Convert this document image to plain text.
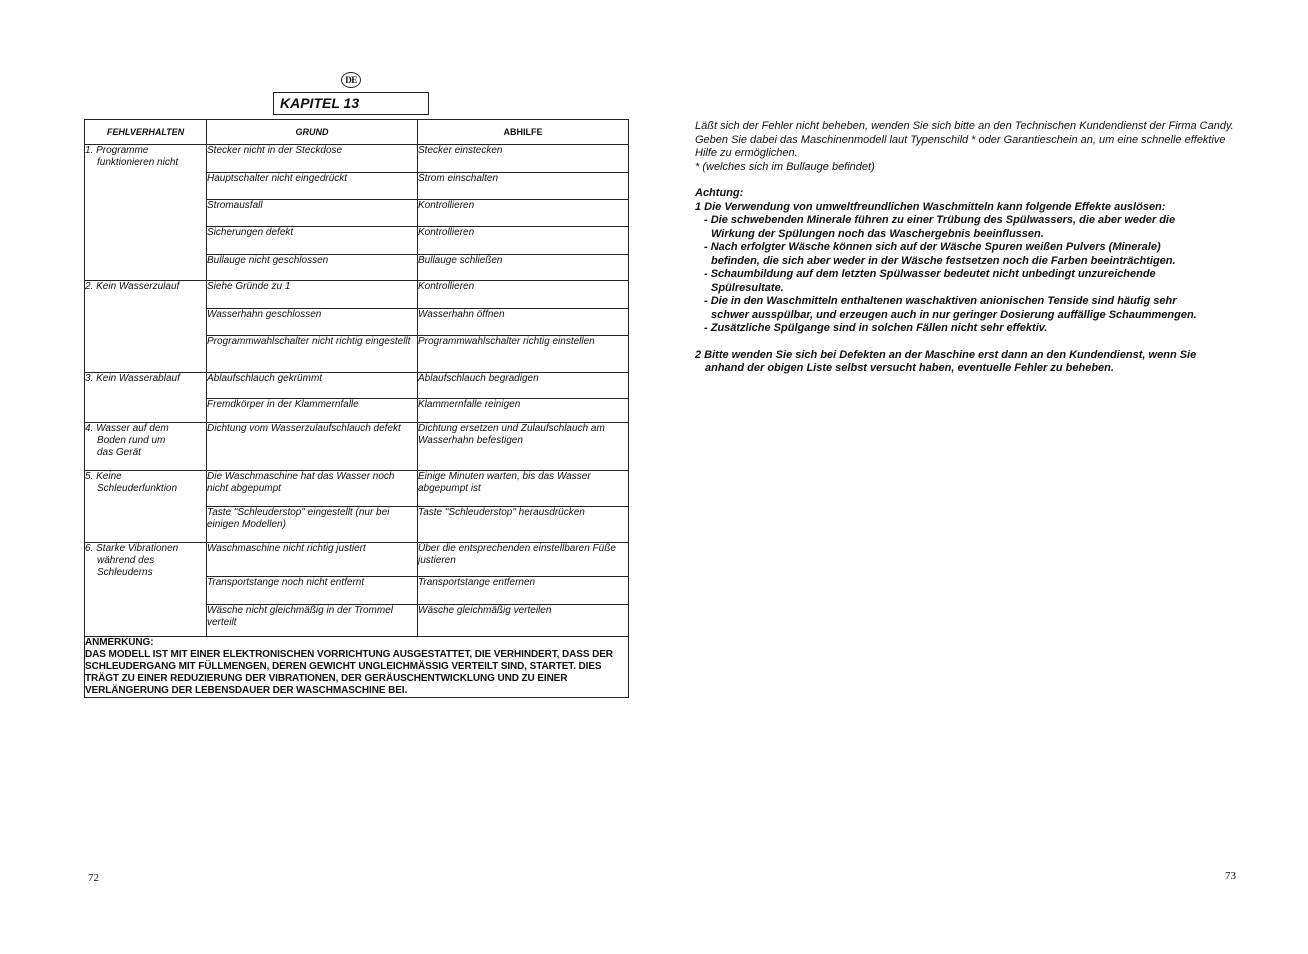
DE
KAPITEL 13
FEHLVERHALTEN	GRUND	ABHILFE

1. Programme
funktionieren nicht	Stecker nicht in der Steckdose	Stecker einstecken
	Hauptschalter nicht eingedrückt	Strom einschalten
	Stromausfall	Kontrollieren
	Sicherungen defekt	Kontrollieren
	Bullauge nicht geschlossen	Bullauge schließen

2. Kein Wasserzulauf	Siehe Gründe zu 1	Kontrollieren
	Wasserhahn geschlossen	Wasserhahn öffnen
	Programmwahlschalter nicht richtig eingestellt	Programmwahlschalter richtig einstellen

3. Kein Wasserablauf	Ablaufschlauch gekrümmt	Ablaufschlauch begradigen
	Fremdkörper in der Klammernfalle	Klammernfalle reinigen

4. Wasser auf dem
Boden rund um
das Gerät	Dichtung vom Wasserzulaufschlauch defekt	Dichtung ersetzen und Zulaufschlauch am Wasserhahn befestigen

5. Keine
Schleuderfunktion	Die Waschmaschine hat das Wasser noch nicht abgepumpt	Einige Minuten warten, bis das Wasser abgepumpt ist
	Taste "Schleuderstop" eingestellt (nur bei einigen Modellen)	Taste "Schleuderstop" herausdrücken

6. Starke Vibrationen
während des
Schleuderns	Waschmaschine nicht richtig justiert	Über die entsprechenden einstellbaren Füße justieren
	Transportstange noch nicht entfernt	Transportstange entfernen
	Wäsche nicht gleichmäßig in der Trommel verteilt	Wäsche gleichmäßig verteilen

ANMERKUNG:
DAS MODELL IST MIT EINER ELEKTRONISCHEN VORRICHTUNG AUSGESTATTET, DIE VERHINDERT, DASS DER SCHLEUDERGANG MIT FÜLLMENGEN, DEREN GEWICHT UNGLEICHMÄSSIG VERTEILT SIND, STARTET. DIES TRÄGT ZU EINER REDUZIERUNG DER VIBRATIONEN, DER GERÄUSCHENTWICKLUNG UND ZU EINER VERLÄNGERUNG DER LEBENSDAUER DER WASCHMASCHINE BEI.		

Läßt sich der Fehler nicht beheben, wenden Sie sich bitte an den Technischen Kundendienst der Firma Candy.

Geben Sie dabei das Maschinenmodell laut Typenschild * oder Garantieschein an, um eine schnelle effektive Hilfe zu ermöglichen.

* (welches sich im Bullauge befindet)

Achtung:

1 Die Verwendung von umweltfreundlichen Waschmitteln kann folgende Effekte auslösen:

- Die schwebenden Minerale führen zu einer Trübung des Spülwassers, die aber weder die
Wirkung der Spülungen noch das Waschergebnis beeinflussen.
- Nach erfolgter Wäsche können sich auf der Wäsche Spuren weißen Pulvers (Minerale)
befinden, die sich aber weder in der Wäsche festsetzen noch die Farben beeinträchtigen.
- Schaumbildung auf dem letzten Spülwasser bedeutet nicht unbedingt unzureichende
Spülresultate.
- Die in den Waschmitteln enthaltenen waschaktiven anionischen Tenside sind häufig sehr
schwer ausspülbar, und erzeugen auch in nur geringer Dosierung auffällige Schaummengen.
- Zusätzliche Spülgange sind in solchen Fällen nicht sehr effektiv.

2 Bitte wenden Sie sich bei Defekten an der Maschine erst dann an den Kundendienst, wenn Sie
anhand der obigen Liste selbst versucht haben, eventuelle Fehler zu beheben.
72	73
